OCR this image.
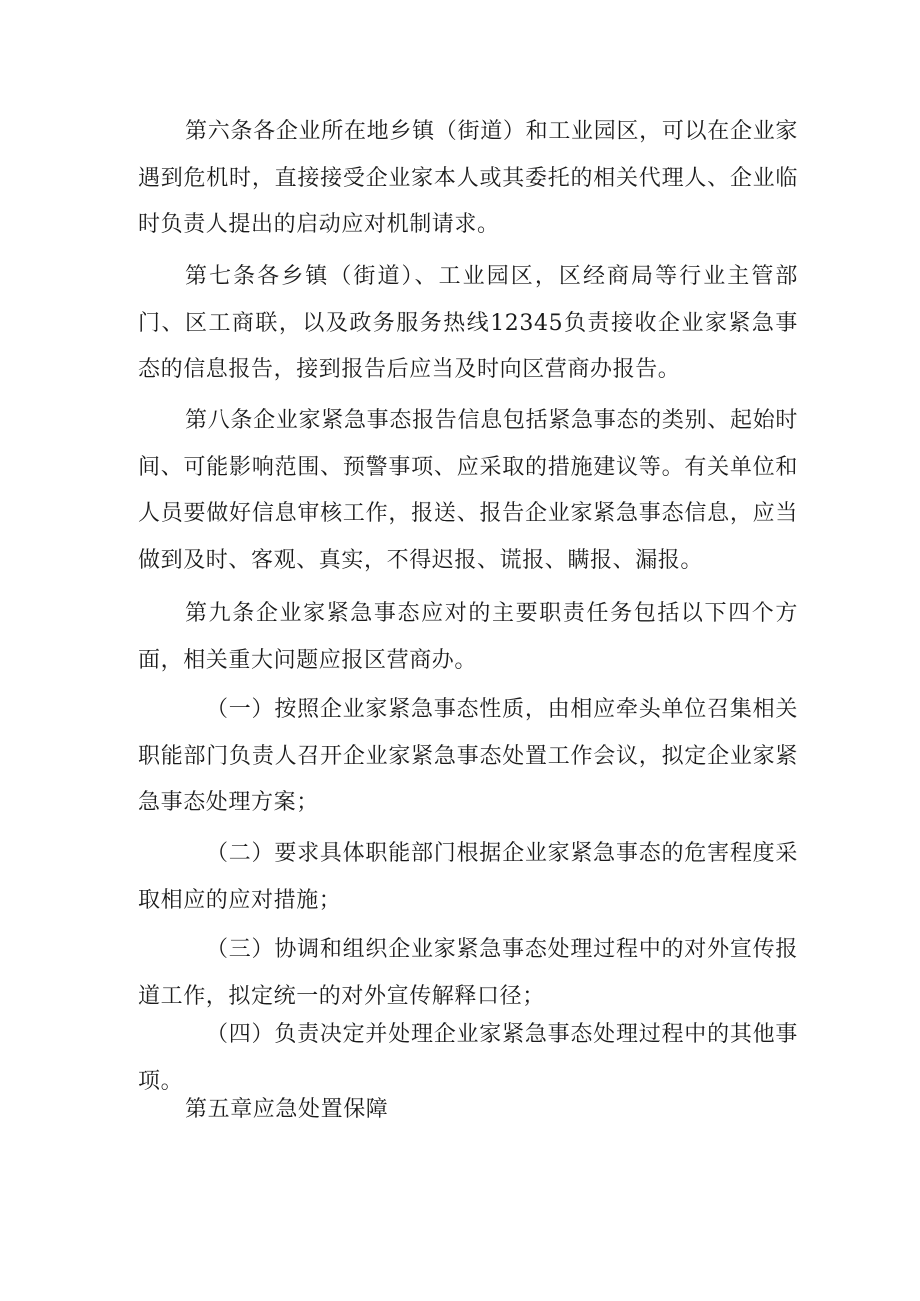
第六条各企业所在地乡镇（街道）和工业园区，可以在企业家遇到危机时，直接接受企业家本人或其委托的相关代理人、企业临时负责人提出的启动应对机制请求。

第七条各乡镇（街道）、工业园区，区经商局等行业主管部门、区工商联，以及政务服务热线12345负责接收企业家紧急事态的信息报告，接到报告后应当及时向区营商办报告。

第八条企业家紧急事态报告信息包括紧急事态的类别、起始时间、可能影响范围、预警事项、应采取的措施建议等。有关单位和人员要做好信息审核工作，报送、报告企业家紧急事态信息，应当做到及时、客观、真实，不得迟报、谎报、瞒报、漏报。

第九条企业家紧急事态应对的主要职责任务包括以下四个方面，相关重大问题应报区营商办。

（一）按照企业家紧急事态性质，由相应牵头单位召集相关职能部门负责人召开企业家紧急事态处置工作会议，拟定企业家紧急事态处理方案；

（二）要求具体职能部门根据企业家紧急事态的危害程度采取相应的应对措施；

（三）协调和组织企业家紧急事态处理过程中的对外宣传报道工作，拟定统一的对外宣传解释口径；

（四）负责决定并处理企业家紧急事态处理过程中的其他事项。

第五章应急处置保障
